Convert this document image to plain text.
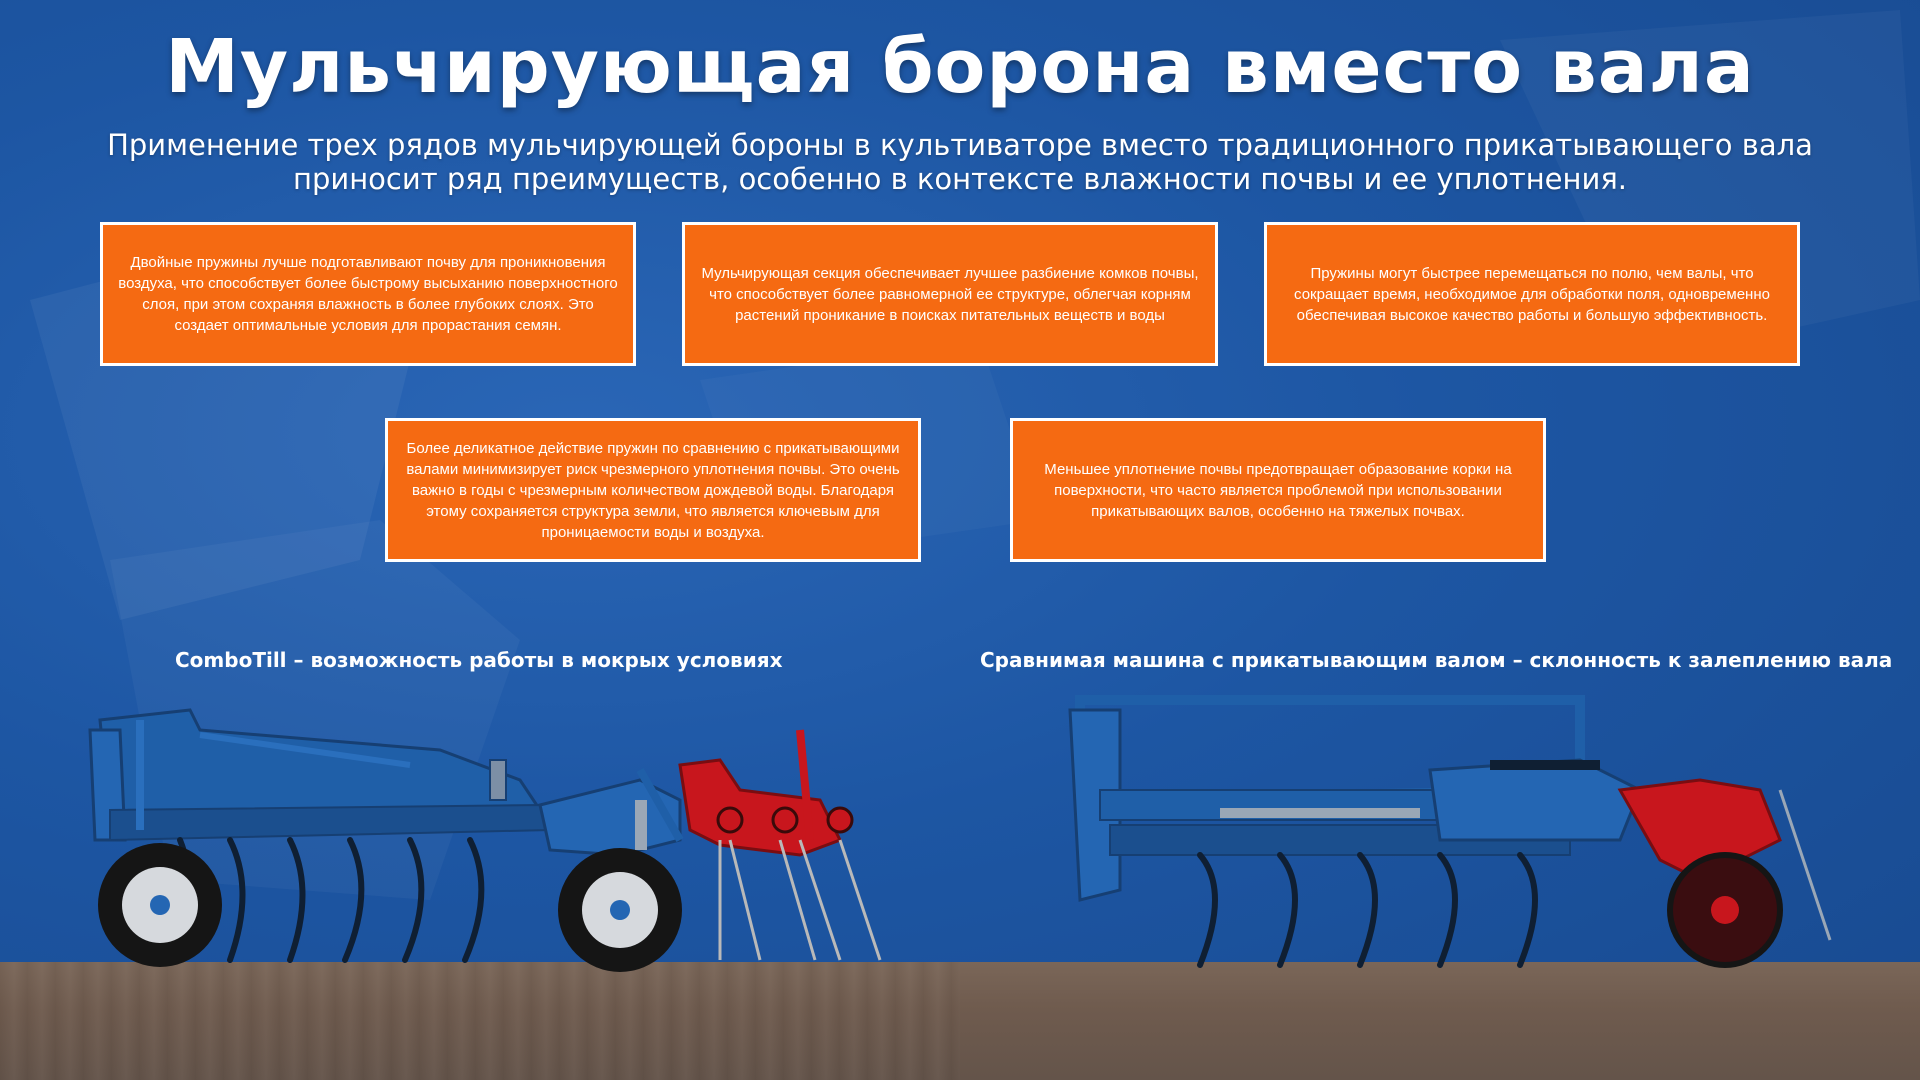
Мульчирующая борона вместо вала
Применение трех рядов мульчирующей бороны в культиваторе вместо традиционного прикатывающего вала
приносит ряд преимуществ, особенно в контексте влажности почвы и ее уплотнения.

Двойные пружины лучше подготавливают почву для проникновения воздуха, что способствует более быстрому высыханию поверхностного слоя, при этом сохраняя влажность в более глубоких слоях. Это создает оптимальные условия для прорастания семян.

Мульчирующая секция обеспечивает лучшее разбиение комков почвы, что способствует более равномерной ее структуре, облегчая корням растений проникание в поисках питательных веществ и воды

Пружины могут быстрее перемещаться по полю, чем валы, что сокращает время, необходимое для обработки поля, одновременно обеспечивая высокое качество работы и большую эффективность.

Более деликатное действие пружин по сравнению с прикатывающими валами минимизирует риск чрезмерного уплотнения почвы. Это очень важно в годы с чрезмерным количеством дождевой воды. Благодаря этому сохраняется структура земли, что является ключевым для проницаемости воды и воздуха.

Меньшее уплотнение почвы предотвращает образование корки на поверхности, что часто является проблемой при использовании прикатывающих валов, особенно на тяжелых почвах.

ComboTill – возможность работы в мокрых условиях	Сравнимая машина с прикатывающим валом – склонность к залеплению вала
